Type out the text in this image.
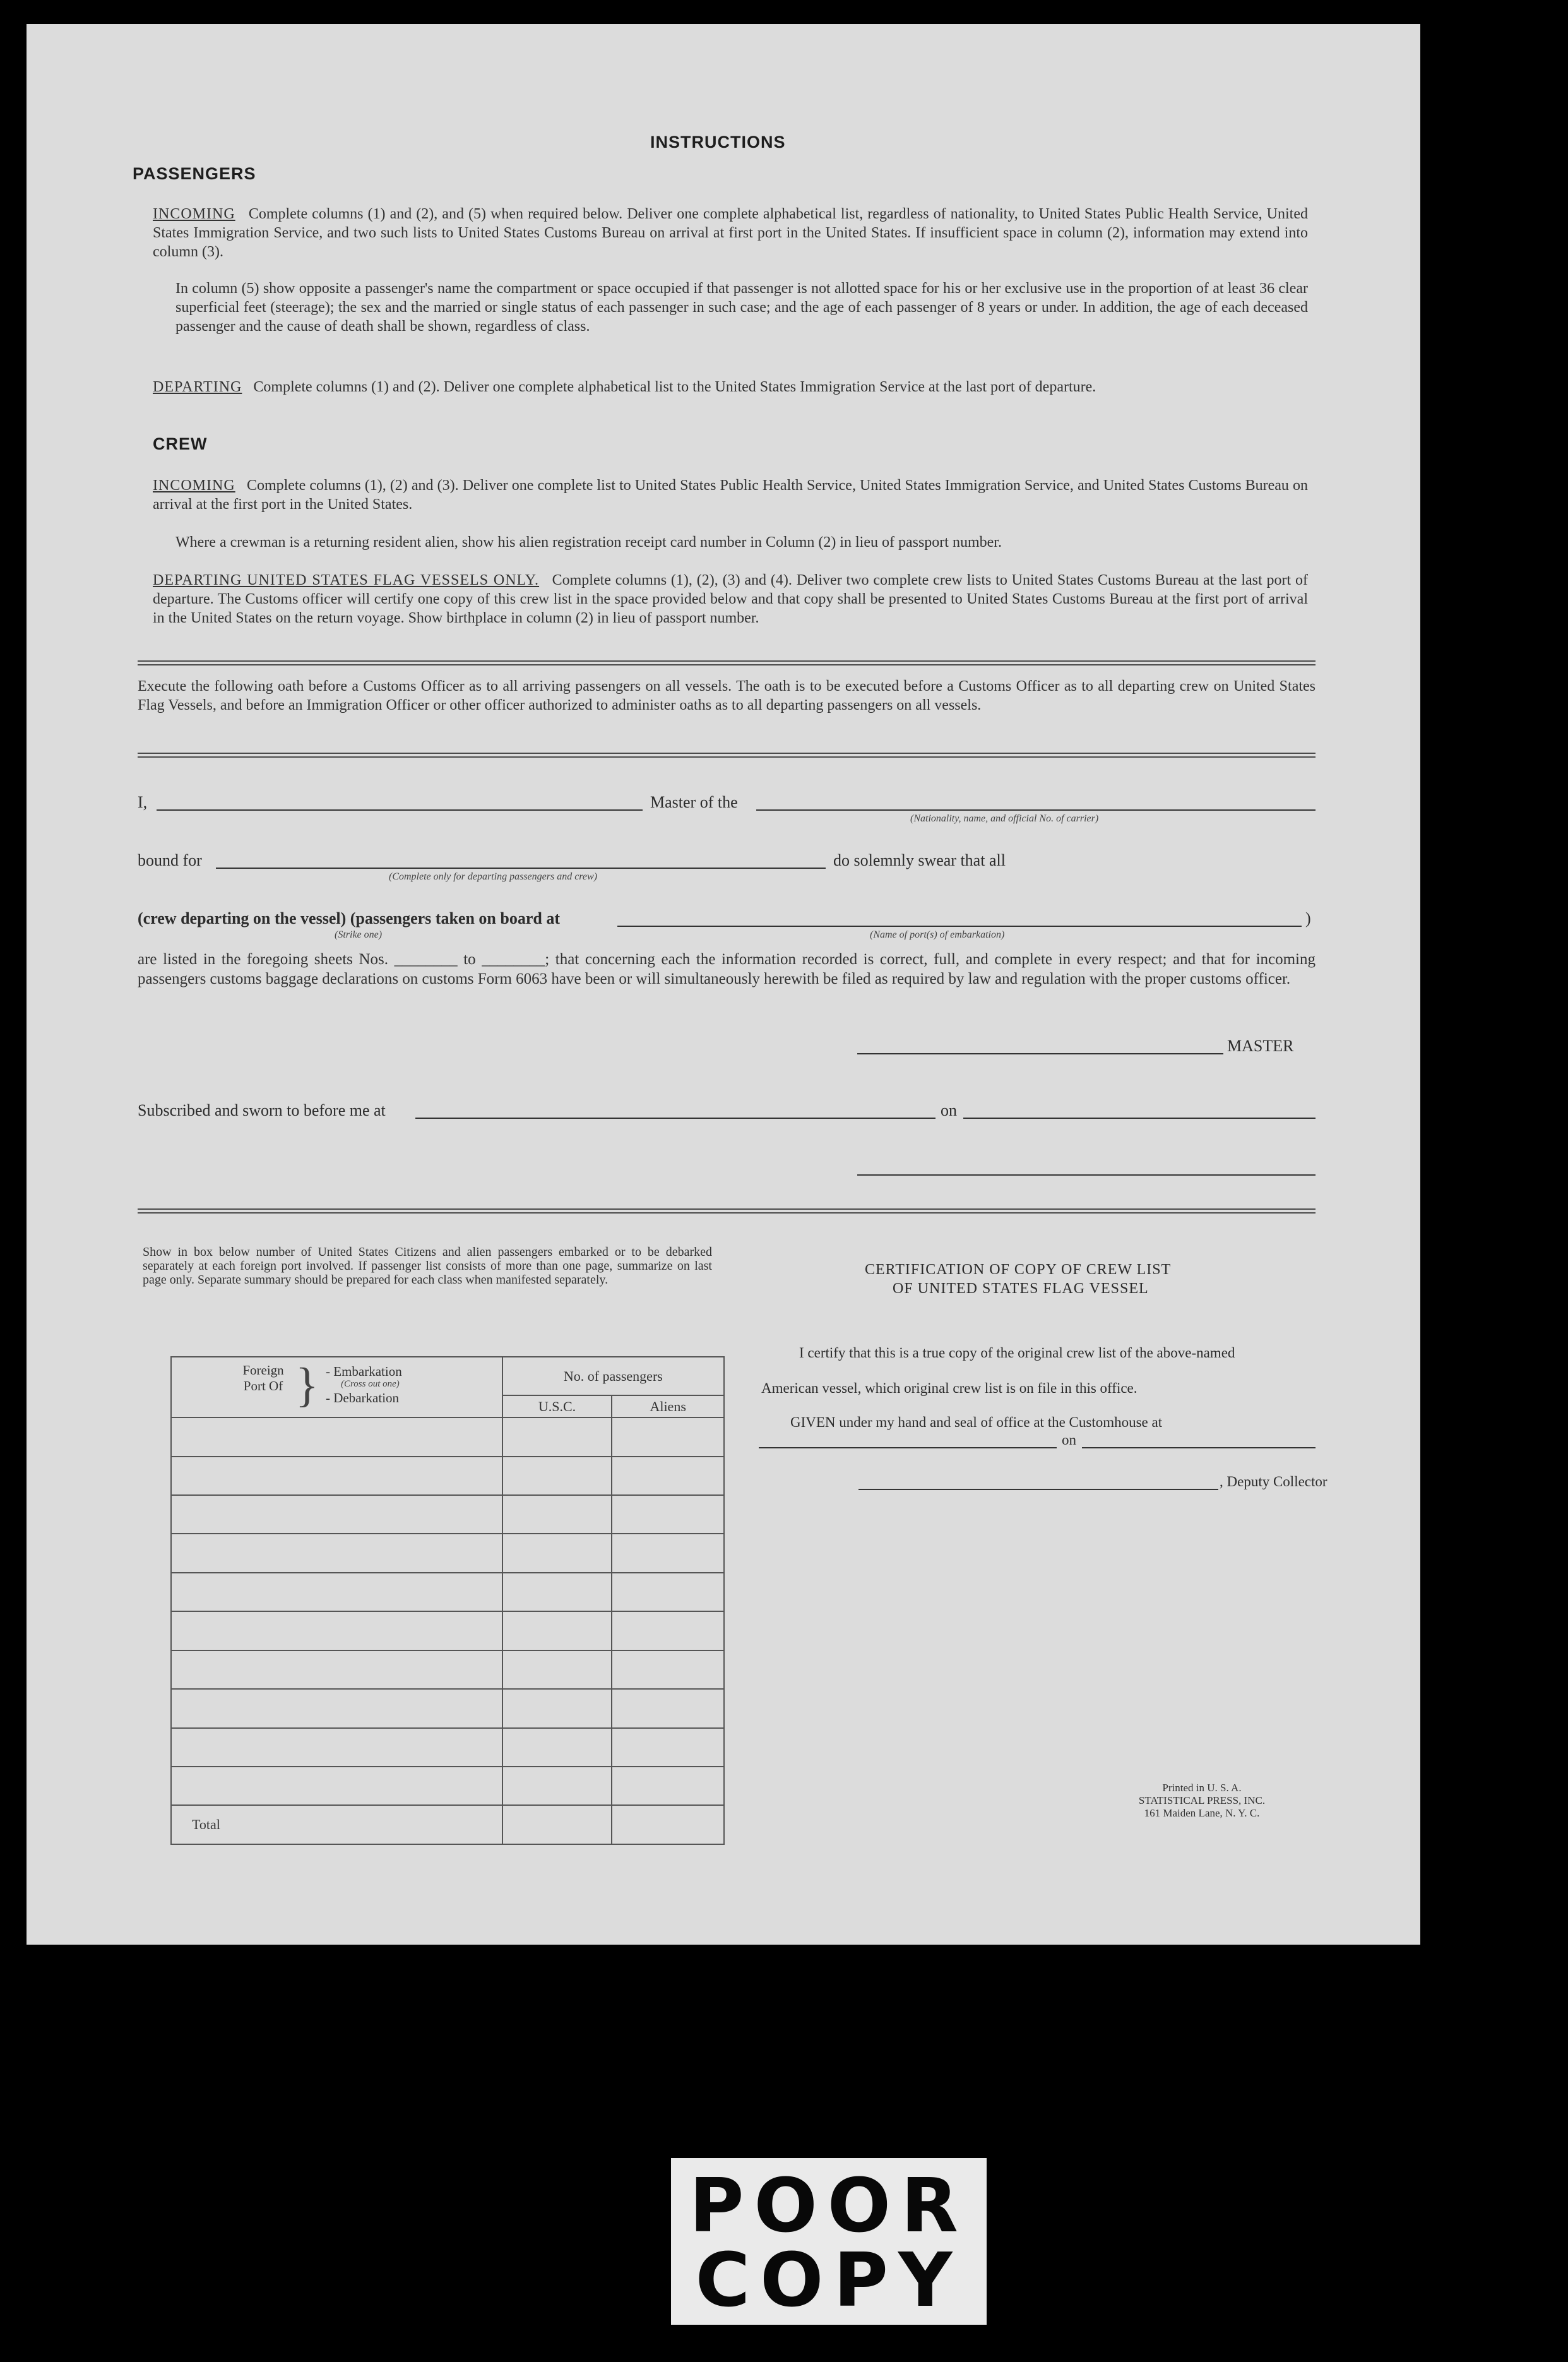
INSTRUCTIONS
PASSENGERS
INCOMING Complete columns (1) and (2), and (5) when required below. Deliver one complete alphabetical list, regardless of nationality, to United States Public Health Service, United States Immigration Service, and two such lists to United States Customs Bureau on arrival at first port in the United States. If insufficient space in column (2), information may extend into column (3).
In column (5) show opposite a passenger's name the compartment or space occupied if that passenger is not allotted space for his or her exclusive use in the proportion of at least 36 clear superficial feet (steerage); the sex and the married or single status of each passenger in such case; and the age of each passenger of 8 years or under. In addition, the age of each deceased passenger and the cause of death shall be shown, regardless of class.
DEPARTING Complete columns (1) and (2). Deliver one complete alphabetical list to the United States Immigration Service at the last port of departure.
CREW
INCOMING Complete columns (1), (2) and (3). Deliver one complete list to United States Public Health Service, United States Immigration Service, and United States Customs Bureau on arrival at the first port in the United States.
Where a crewman is a returning resident alien, show his alien registration receipt card number in Column (2) in lieu of passport number.
DEPARTING UNITED STATES FLAG VESSELS ONLY. Complete columns (1), (2), (3) and (4). Deliver two complete crew lists to United States Customs Bureau at the last port of departure. The Customs officer will certify one copy of this crew list in the space provided below and that copy shall be presented to United States Customs Bureau at the first port of arrival in the United States on the return voyage. Show birthplace in column (2) in lieu of passport number.
Execute the following oath before a Customs Officer as to all arriving passengers on all vessels. The oath is to be executed before a Customs Officer as to all departing crew on United States Flag Vessels, and before an Immigration Officer or other officer authorized to administer oaths as to all departing passengers on all vessels.
I,	Master of the
(Nationality, name, and official No. of carrier)
bound for	do solemnly swear that all
(Complete only for departing passengers and crew)
(crew departing on the vessel) (passengers taken on board at	)
(Strike one)	(Name of port(s) of embarkation)
are listed in the foregoing sheets Nos. ________ to ________; that concerning each the information recorded is correct, full, and complete in every respect; and that for incoming passengers customs baggage declarations on customs Form 6063 have been or will simultaneously herewith be filed as required by law and regulation with the proper customs officer.
MASTER
Subscribed and sworn to before me at	on
Show in box below number of United States Citizens and alien passengers embarked or to be debarked separately at each foreign port involved. If passenger list consists of more than one page, summarize on last page only. Separate summary should be prepared for each class when manifested separately.
Foreign Port Of } - Embarkation
(Cross out one)
- Debarkation	No. of passengers	
	U.S.C.	Aliens

Total		
CERTIFICATION OF COPY OF CREW LIST
OF UNITED STATES FLAG VESSEL
I certify that this is a true copy of the original crew list of the above-named
American vessel, which original crew list is on file in this office.
GIVEN under my hand and seal of office at the Customhouse at
on
, Deputy Collector
Printed in U. S. A.
STATISTICAL PRESS, INC.
161 Maiden Lane, N. Y. C.
POOR
COPY
